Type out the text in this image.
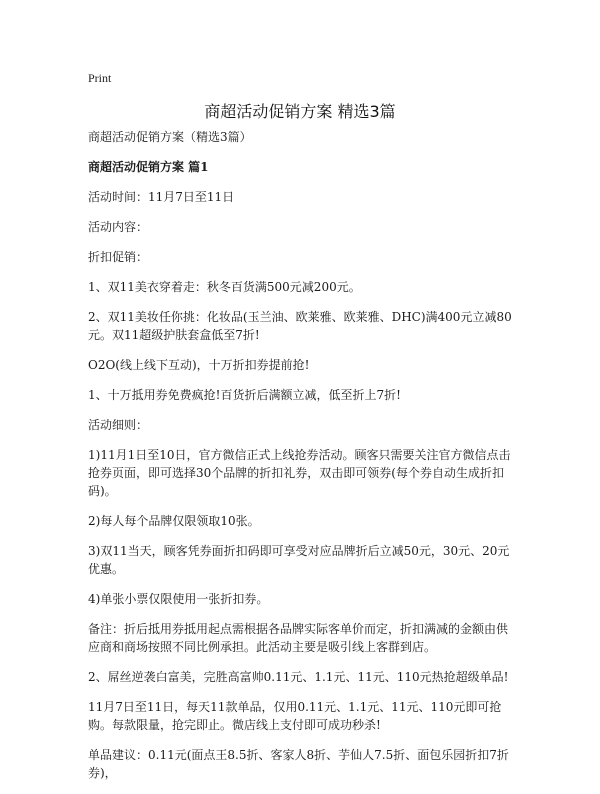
Print
商超活动促销方案 精选3篇

商超活动促销方案（精选3篇）

商超活动促销方案 篇1

活动时间：11月7日至11日

活动内容：

折扣促销：

1、双11美衣穿着走：秋冬百货满500元减200元。

2、双11美妆任你挑：化妆品(玉兰油、欧莱雅、欧莱雅、DHC)满400元立减80元。双11超级护肤套盒低至7折!

O2O(线上线下互动)，十万折扣券提前抢!

1、十万抵用券免费疯抢!百货折后满额立减，低至折上7折!

活动细则：

1)11月1日至10日，官方微信正式上线抢券活动。顾客只需要关注官方微信点击抢券页面，即可选择30个品牌的折扣礼券，双击即可领券(每个券自动生成折扣码)。

2)每人每个品牌仅限领取10张。

3)双11当天，顾客凭券面折扣码即可享受对应品牌折后立减50元，30元、20元优惠。

4)单张小票仅限使用一张折扣券。

备注：折后抵用券抵用起点需根据各品牌实际客单价而定，折扣满减的金额由供应商和商场按照不同比例承担。此活动主要是吸引线上客群到店。

2、屌丝逆袭白富美，完胜高富帅0.11元、1.1元、11元、110元热抢超级单品!

11月7日至11日，每天11款单品，仅用0.11元、1.1元、11元、110元即可抢购。每款限量，抢完即止。微店线上支付即可成功秒杀!

单品建议：0.11元(面点王8.5折、客家人8折、芋仙人7.5折、面包乐园折扣7折券)，
